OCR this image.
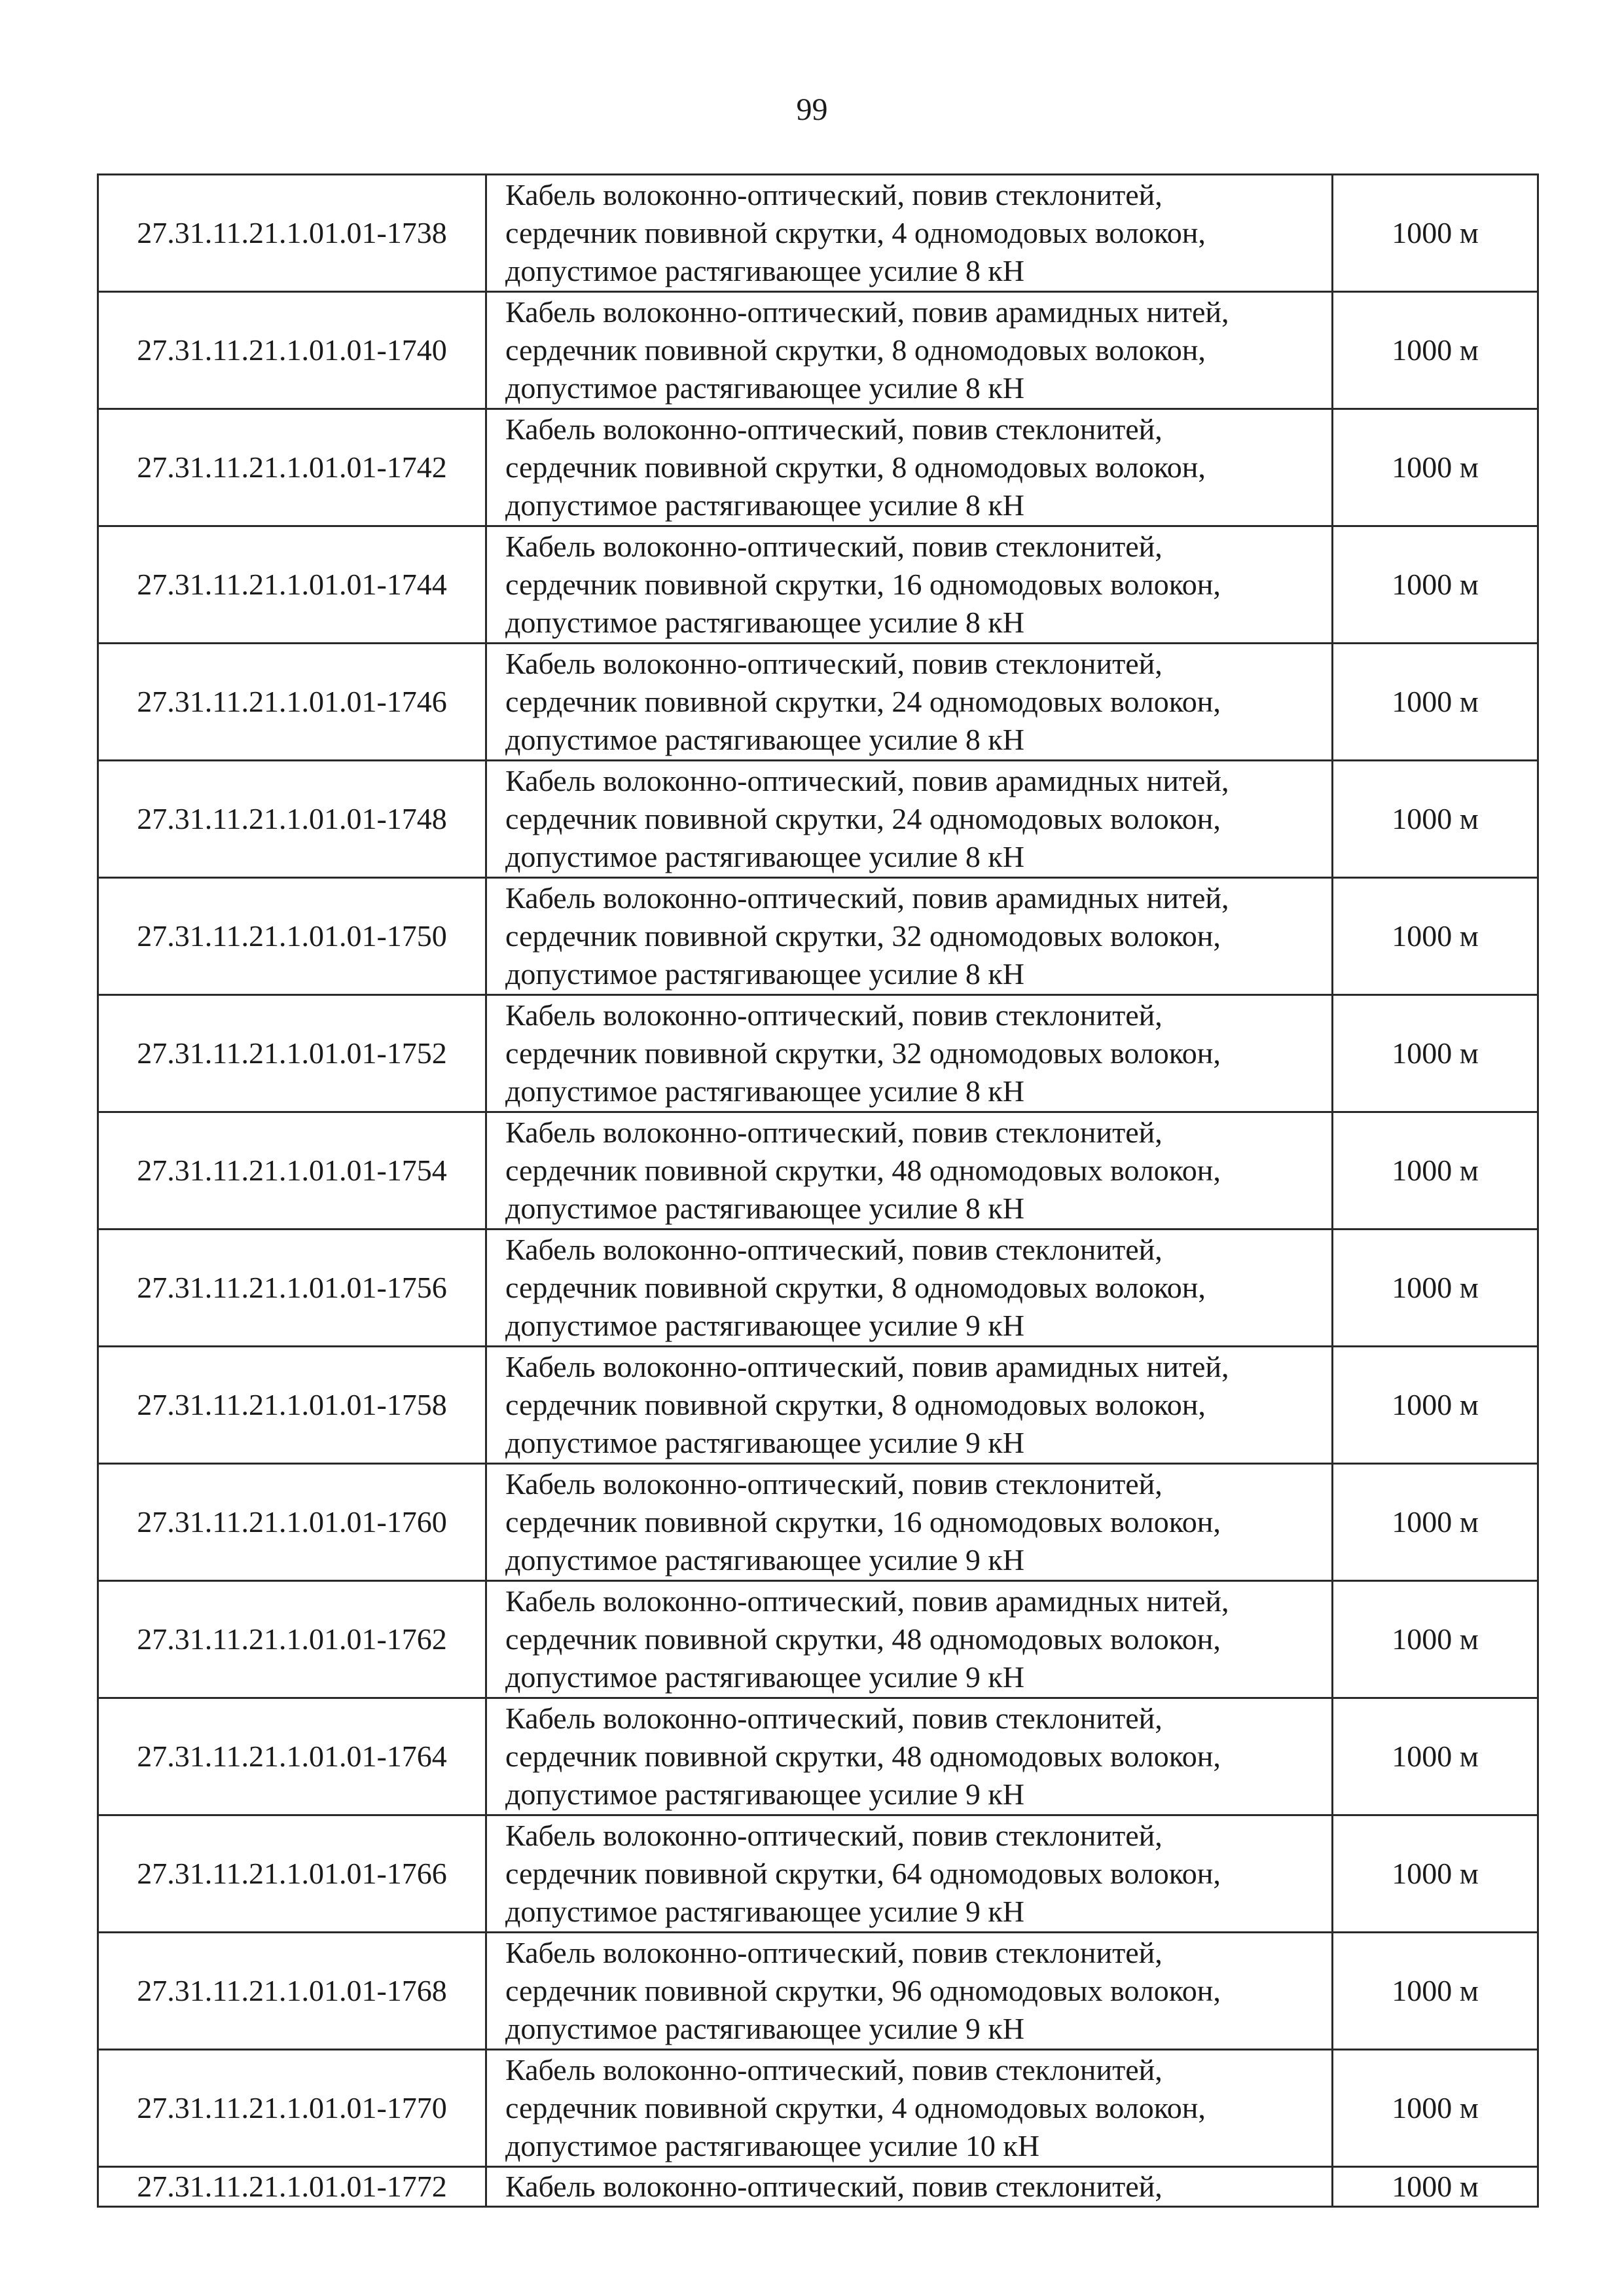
99
27.31.11.21.1.01.01-1738	Кабель волоконно-оптический, повив стеклонитей,
сердечник повивной скрутки, 4 одномодовых волокон,
допустимое растягивающее усилие 8 кН	1000 м
27.31.11.21.1.01.01-1740	Кабель волоконно-оптический, повив арамидных нитей,
сердечник повивной скрутки, 8 одномодовых волокон,
допустимое растягивающее усилие 8 кН	1000 м
27.31.11.21.1.01.01-1742	Кабель волоконно-оптический, повив стеклонитей,
сердечник повивной скрутки, 8 одномодовых волокон,
допустимое растягивающее усилие 8 кН	1000 м
27.31.11.21.1.01.01-1744	Кабель волоконно-оптический, повив стеклонитей,
сердечник повивной скрутки, 16 одномодовых волокон,
допустимое растягивающее усилие 8 кН	1000 м
27.31.11.21.1.01.01-1746	Кабель волоконно-оптический, повив стеклонитей,
сердечник повивной скрутки, 24 одномодовых волокон,
допустимое растягивающее усилие 8 кН	1000 м
27.31.11.21.1.01.01-1748	Кабель волоконно-оптический, повив арамидных нитей,
сердечник повивной скрутки, 24 одномодовых волокон,
допустимое растягивающее усилие 8 кН	1000 м
27.31.11.21.1.01.01-1750	Кабель волоконно-оптический, повив арамидных нитей,
сердечник повивной скрутки, 32 одномодовых волокон,
допустимое растягивающее усилие 8 кН	1000 м
27.31.11.21.1.01.01-1752	Кабель волоконно-оптический, повив стеклонитей,
сердечник повивной скрутки, 32 одномодовых волокон,
допустимое растягивающее усилие 8 кН	1000 м
27.31.11.21.1.01.01-1754	Кабель волоконно-оптический, повив стеклонитей,
сердечник повивной скрутки, 48 одномодовых волокон,
допустимое растягивающее усилие 8 кН	1000 м
27.31.11.21.1.01.01-1756	Кабель волоконно-оптический, повив стеклонитей,
сердечник повивной скрутки, 8 одномодовых волокон,
допустимое растягивающее усилие 9 кН	1000 м
27.31.11.21.1.01.01-1758	Кабель волоконно-оптический, повив арамидных нитей,
сердечник повивной скрутки, 8 одномодовых волокон,
допустимое растягивающее усилие 9 кН	1000 м
27.31.11.21.1.01.01-1760	Кабель волоконно-оптический, повив стеклонитей,
сердечник повивной скрутки, 16 одномодовых волокон,
допустимое растягивающее усилие 9 кН	1000 м
27.31.11.21.1.01.01-1762	Кабель волоконно-оптический, повив арамидных нитей,
сердечник повивной скрутки, 48 одномодовых волокон,
допустимое растягивающее усилие 9 кН	1000 м
27.31.11.21.1.01.01-1764	Кабель волоконно-оптический, повив стеклонитей,
сердечник повивной скрутки, 48 одномодовых волокон,
допустимое растягивающее усилие 9 кН	1000 м
27.31.11.21.1.01.01-1766	Кабель волоконно-оптический, повив стеклонитей,
сердечник повивной скрутки, 64 одномодовых волокон,
допустимое растягивающее усилие 9 кН	1000 м
27.31.11.21.1.01.01-1768	Кабель волоконно-оптический, повив стеклонитей,
сердечник повивной скрутки, 96 одномодовых волокон,
допустимое растягивающее усилие 9 кН	1000 м
27.31.11.21.1.01.01-1770	Кабель волоконно-оптический, повив стеклонитей,
сердечник повивной скрутки, 4 одномодовых волокон,
допустимое растягивающее усилие 10 кН	1000 м
27.31.11.21.1.01.01-1772	Кабель волоконно-оптический, повив стеклонитей,	1000 м
